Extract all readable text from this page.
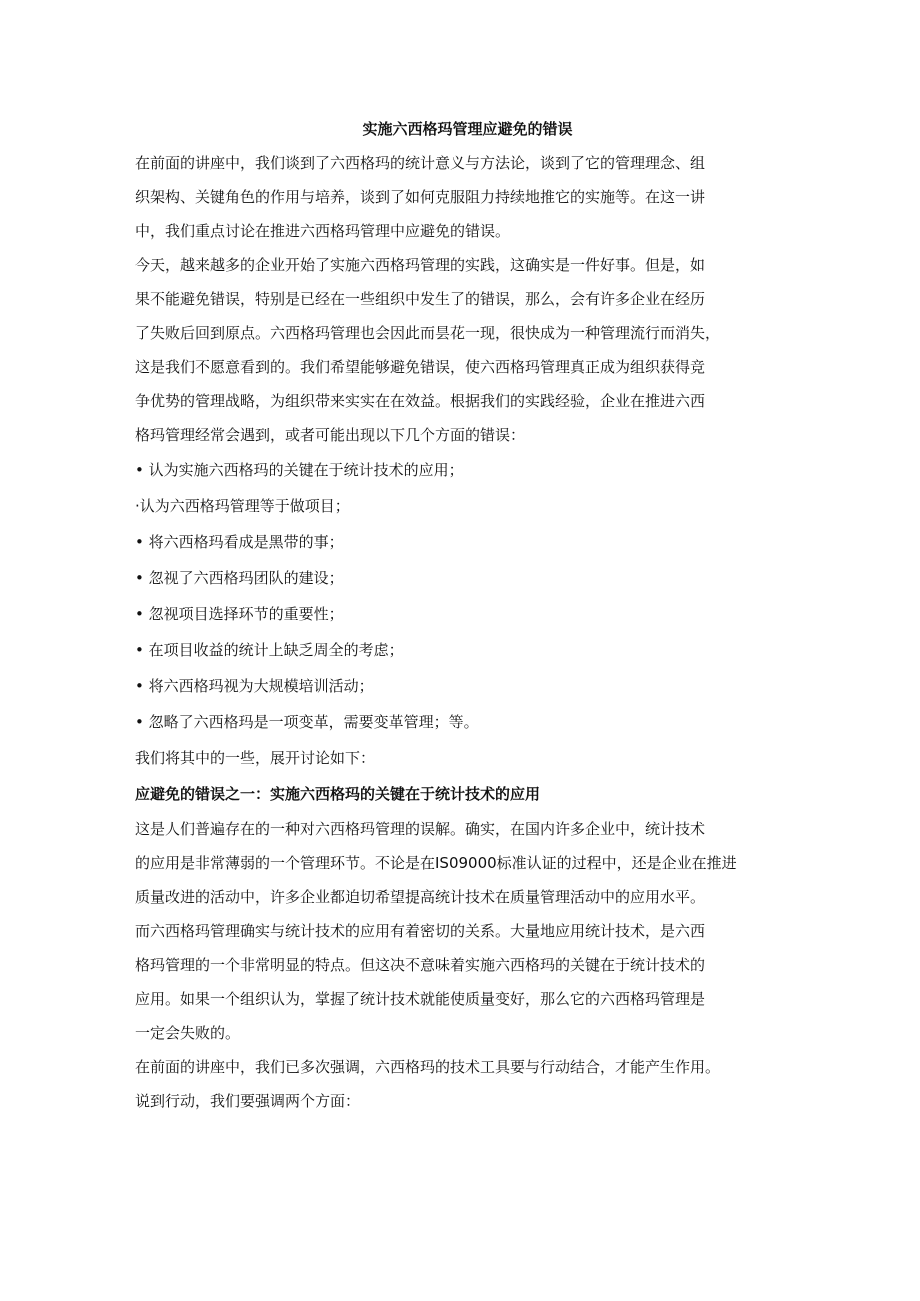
实施六西格玛管理应避免的错误

在前面的讲座中，我们谈到了六西格玛的统计意义与方法论，谈到了它的管理理念、组

织架构、关键角色的作用与培养，谈到了如何克服阻力持续地推它的实施等。在这一讲

中，我们重点讨论在推进六西格玛管理中应避免的错误。

今天，越来越多的企业开始了实施六西格玛管理的实践，这确实是一件好事。但是，如

果不能避免错误，特别是已经在一些组织中发生了的错误，那么，会有许多企业在经历

了失败后回到原点。六西格玛管理也会因此而昙花一现，很快成为一种管理流行而消失，

这是我们不愿意看到的。我们希望能够避免错误，使六西格玛管理真正成为组织获得竞

争优势的管理战略，为组织带来实实在在效益。根据我们的实践经验，企业在推进六西

格玛管理经常会遇到，或者可能出现以下几个方面的错误：

• 认为实施六西格玛的关键在于统计技术的应用；
·认为六西格玛管理等于做项目；
• 将六西格玛看成是黑带的事；
• 忽视了六西格玛团队的建设；
• 忽视项目选择环节的重要性；
• 在项目收益的统计上缺乏周全的考虑；
• 将六西格玛视为大规模培训活动；
• 忽略了六西格玛是一项变革，需要变革管理；等。

我们将其中的一些，展开讨论如下：

应避免的错误之一：实施六西格玛的关键在于统计技术的应用

这是人们普遍存在的一种对六西格玛管理的误解。确实，在国内许多企业中，统计技术

的应用是非常薄弱的一个管理环节。不论是在IS09000标准认证的过程中，还是企业在推进

质量改进的活动中，许多企业都迫切希望提高统计技术在质量管理活动中的应用水平。

而六西格玛管理确实与统计技术的应用有着密切的关系。大量地应用统计技术，是六西

格玛管理的一个非常明显的特点。但这决不意味着实施六西格玛的关键在于统计技术的

应用。如果一个组织认为，掌握了统计技术就能使质量变好，那么它的六西格玛管理是

一定会失败的。

在前面的讲座中，我们已多次强调，六西格玛的技术工具要与行动结合，才能产生作用。

说到行动，我们要强调两个方面：
